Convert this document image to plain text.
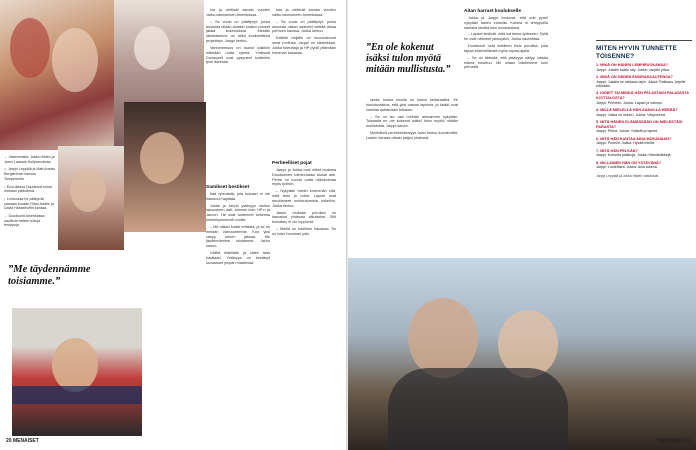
← Vasemmalla: Jukka Hilden ja Jarno Laasala Hollywoodissa.

↙ Jarppi Leppälä ja Matt Aneiss Bergströmin kanssa Tampereella.

↓ Ensi-illassa Duudsonit toivat mukaan ystävänsä.

↑ Lontoossa he päätyivät samaan kuvaan Ritari Aaden ja David Hasselhoffin kanssa.

← Duudsonit Amerikassa: nauttivat hetken tuttuja temppuja.

”Me täydennämme toisiamme.”

hia ja viettivät saman vuoden valtio-vaimoineen Amerikassa.

– Se vuosi on päättynyt, jonka ansiosta ollaan ainakin osaksi voineet jakaa kokemuksia. Meidän ideoistamme on tullut konkreettisia projekteja, Jarppi kertoo.

Vanhemmuus on tuonut kaikkiin elämään uutta rytmiä. Yhdessä Duudsonit ovat pysyneet kuitenkin työn ääressä.

kaa ja viettivät saman vuoden valtio-vaimoineen Amerikassa.

– Se vuosi on päättynyt, jonka ansiosta ollaan saaneet viettää aikaa perheen kanssa, Jukka kertoo.

Kaikille neljälle on muodostunut omat roolinsa. Jarppi on ideanikkari, Jukka toteuttaja ja HP pyrkii pitämään homman kasassa.

Samikset bestikset

tiaa ryhmästä, jota kukaan ei ole halunnut hajottaa.

Jukan ja Jarpin ystävyys ulottuu lapsuuteen asti, samoin kuin HP:n ja Jarnon. He ovat tunteneet toisensa kolmekymmentä vuotta.

– Me ollaan kaikki erilaisia, ja se on meidän vahvuutemme. Kun yksi väsyy, toinen jaksaa. Me täydennämme toisiamme, Jarno sanoo.

Välillä riidellään ja sitten taas halataan. Ystävyys on kestänyt kuvaukset ympäri maailmaa.

Perheelliset pojat

Jarppi ja Jukka ovat olleet mukana Duudsonien toiminnassa alusta asti. Perhe on tuonut uutta näkökulmaa myös työhön.

– Nykyään mietin enemmän sitä, mitä teen ja miksi. Lapset ovat muuttaneet suhtautumista riskeihin, Jukka kertoo.

Jarpin mukaan porukka on kasvanut yhdessä aikuiseksi. Silti hulluttelu ei ole loppunut.

– Meillä on edelleen hauskaa. Se on koko homman ydin.

20 MENAISET
”En ole kokenut isäksi tulon myötä mitään mullistusta.”

sesta, koska sinulla on lukion kertausaika. Se koulutustaitoa, että yksi vastaa lapsista, ja kaikki ovat valmiita auttamaan toisiaan.

– Se on iso osa meidän arkeamme nykyään. Toisaalta en ole kokenut isäksi tulon myötä mitään mullistusta, Jarppi sanoo.

Myöhäisiä perhekeskeisyys vaan tuntuu luontevalta. Lasten kanssa ollaan paljon yhdessä.

Aitan harrast koulukselle

Jukka ja Jarppi kertovat, että arki pyörii nykyään lasten ehdoilla. Kotona ei temppuilla samalla tavalla kuin kuvauksissa.

– Lapset tietävät, mitä isä tekee työkseen. Kyllä he ovat nähneet jaksojakin, Jukka naurahtaa.

Duudsonit ovat edelleen tiivis porukka, joka tapaa säännöllisesti myös vapaa-ajalla.

– Se on tärkeää, että ystävyys säilyy, vaikka elämä muuttuu. Me ollaan toisillemme kuin perhettä.

MITEN HYVIN TUNNETTE TOISENNE?
1. MIKÄ ON HÄNEN LEMPIRUOKANSA?
Jarppi: Jukalle kaikki käy. Jukka: Jarpille pitsa.
2. MIKÄ ON HÄNEN ENSIRAKKAUTENSA?
Jarppi: Jukalla on rakkaus lajiin. Jukka: Rakkaus Jarpille elämään.
3. KENET TAI MINKÄ HÄN PELASTAISI PALAVASTA KOTITALOSTA?
Jarppi: Perheen. Jukka: Lapset ja vaimon.
4. MILLÄ MIELELLÄ HÄN AAMULLA HERÄÄ?
Jarppi: Jukka on iloinen. Jukka: Väsyneenä.
5. MITÄ HÄNEN ELÄMÄSSÄÄN ON MIELESTÄSI PARASTA?
Jarppi: Perhe. Jukka: Ystävät ja lapset.
6. MITÄ HÄN KANTAA AINA MUKANAAN?
Jarppi: Puhelin. Jukka: Hyvää mieltä.
7. MITÄ HÄN PELKÄÄ?
Jarppi: Korkeita paikkoja. Jukka: Hämähäkkejä.
8. MILLAINEN HÄN ON YSTÄVÄNÄ?
Jarppi: Luotettava. Jukka: Aina tukena.
Jarppi Leppälä ja Jukka Hilden vastasivat.
MENAISET 21
